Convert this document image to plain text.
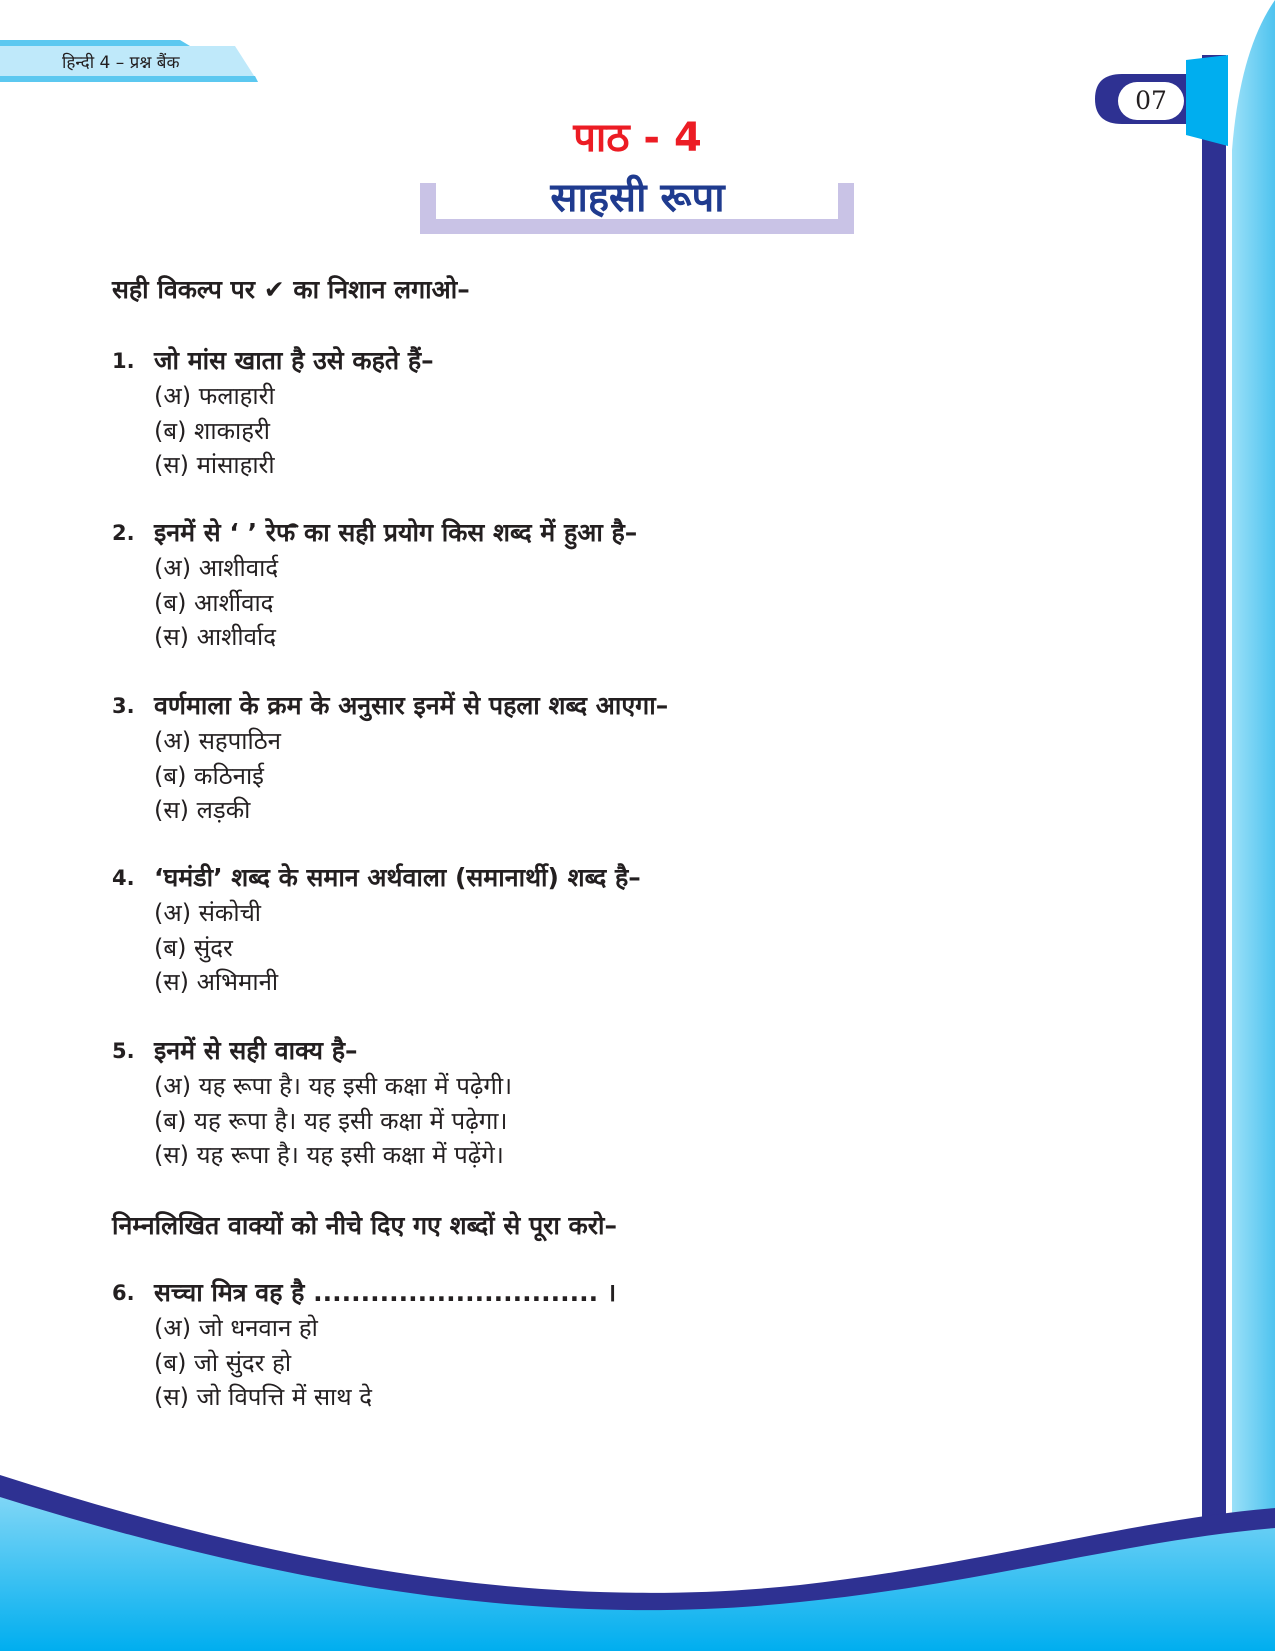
हिन्दी 4 – प्रश्न बैंक
07
पाठ - 4
साहसी रूपा
सही विकल्प पर ✔ का निशान लगाओ–
1. जो मांस खाता है उसे कहते हैं–
(अ) फलाहारी
(ब) शाकाहरी
(स) मांसाहारी
2. इनमें से ‘ ’ रेफ का सही प्रयोग किस शब्द में हुआ है–
(अ) आशीवार्द
(ब) आर्शीवाद
(स) आशीर्वाद
3. वर्णमाला के क्रम के अनुसार इनमें से पहला शब्द आएगा–
(अ) सहपाठिन
(ब) कठिनाई
(स) लड़की
4. ‘घमंडी’ शब्द के समान अर्थवाला (समानार्थी) शब्द है–
(अ) संकोची
(ब) सुंदर
(स) अभिमानी
5. इनमें से सही वाक्य है–
(अ) यह रूपा है। यह इसी कक्षा में पढ़ेगी।
(ब) यह रूपा है। यह इसी कक्षा में पढ़ेगा।
(स) यह रूपा है। यह इसी कक्षा में पढ़ेंगे।
निम्नलिखित वाक्यों को नीचे दिए गए शब्दों से पूरा करो–
6. सच्चा मित्र वह है .............................. ।
(अ) जो धनवान हो
(ब) जो सुंदर हो
(स) जो विपत्ति में साथ दे
